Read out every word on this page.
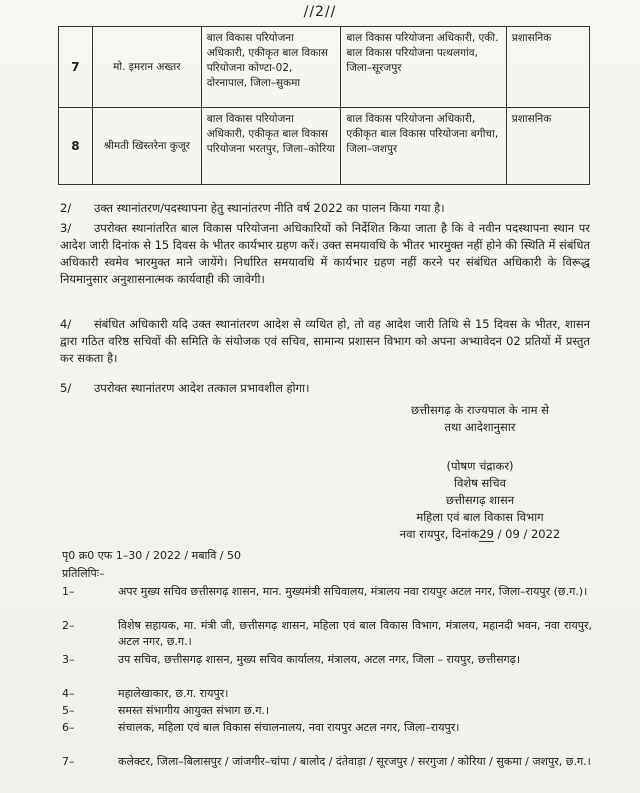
//2//
7	मो. इमरान अख्तर	बाल विकास परियोजना अधिकारी, एकीकृत बाल विकास परियोजना कोण्टा-02, दोरनापाल, जिला–सुकमा	बाल विकास परियोजना अधिकारी, एकी. बाल विकास परियोजना पत्थलगांव, जिला–सूरजपुर	प्रशासनिक
8	श्रीमती खिस्तरेना कुजूर	बाल विकास परियोजना अधिकारी, एकीकृत बाल विकास परियोजना भरतपुर, जिला–कोरिया	बाल विकास परियोजना अधिकारी, एकीकृत बाल विकास परियोजना बगीचा, जिला–जशपुर	प्रशासनिक
2/ उक्त स्थानांतरण/पदस्थापना हेतु स्थानांतरण नीति वर्ष 2022 का पालन किया गया है।
3/ उपरोक्त स्थानांतरित बाल विकास परियोजना अधिकारियों को निर्देशित किया जाता है कि वे नवीन पदस्थापना स्थान पर आदेश जारी दिनांक से 15 दिवस के भीतर कार्यभार ग्रहण करें। उक्त समयावधि के भीतर भारमुक्त नहीं होने की स्थिति में संबंधित अधिकारी स्वमेव भारमुक्त माने जायेंगे। निर्धारित समयावधि में कार्यभार ग्रहण नहीं करने पर संबंधित अधिकारी के विरूद्ध नियमानुसार अनुशासनात्मक कार्यवाही की जावेगी।
4/ संबंधित अधिकारी यदि उक्त स्थानांतरण आदेश से व्यथित हो, तो वह आदेश जारी तिथि से 15 दिवस के भीतर, शासन द्वारा गठित वरिष्ठ सचिवों की समिति के संयोजक एवं सचिव, सामान्य प्रशासन विभाग को अपना अभ्यावेदन 02 प्रतियों में प्रस्तुत कर सकता है।
5/ उपरोक्त स्थानांतरण आदेश तत्काल प्रभावशील होगा।
छत्तीसगढ़ के राज्यपाल के नाम से
तथा आदेशानुसार
(पोषण चंद्राकर)
विशेष सचिव
छत्तीसगढ़ शासन
महिला एवं बाल विकास विभाग
नवा रायपुर, दिनांक29 / 09 / 2022
पृ0 क्र0 एफ 1–30 / 2022 / मबावि / 50
प्रतिलिपिः–
1–	अपर मुख्य सचिव छत्तीसगढ़ शासन, मान. मुख्यमंत्री सचिवालय, मंत्रालय नवा रायपुर अटल नगर, जिला–रायपुर (छ.ग.)।
2–	विशेष सहायक, मा. मंत्री जी, छत्तीसगढ़ शासन, महिला एवं बाल विकास विभाग, मंत्रालय, महानदी भवन, नवा रायपुर, अटल नगर, छ.ग.।
3–	उप सचिव, छत्तीसगढ़ शासन, मुख्य सचिव कार्यालय, मंत्रालय, अटल नगर, जिला – रायपुर, छत्तीसगढ़।
4–	महालेखाकार, छ.ग. रायपुर।
5–	समस्त संभागीय आयुक्त संभाग छ.ग.।
6–	संचालक, महिला एवं बाल विकास संचालनालय, नवा रायपुर अटल नगर, जिला–रायपुर।
7–	कलेक्टर, जिला–बिलासपुर / जांजगीर–चांपा / बालोद / दंतेवाड़ा / सूरजपुर / सरगुजा / कोरिया / सुकमा / जशपुर, छ.ग.।
